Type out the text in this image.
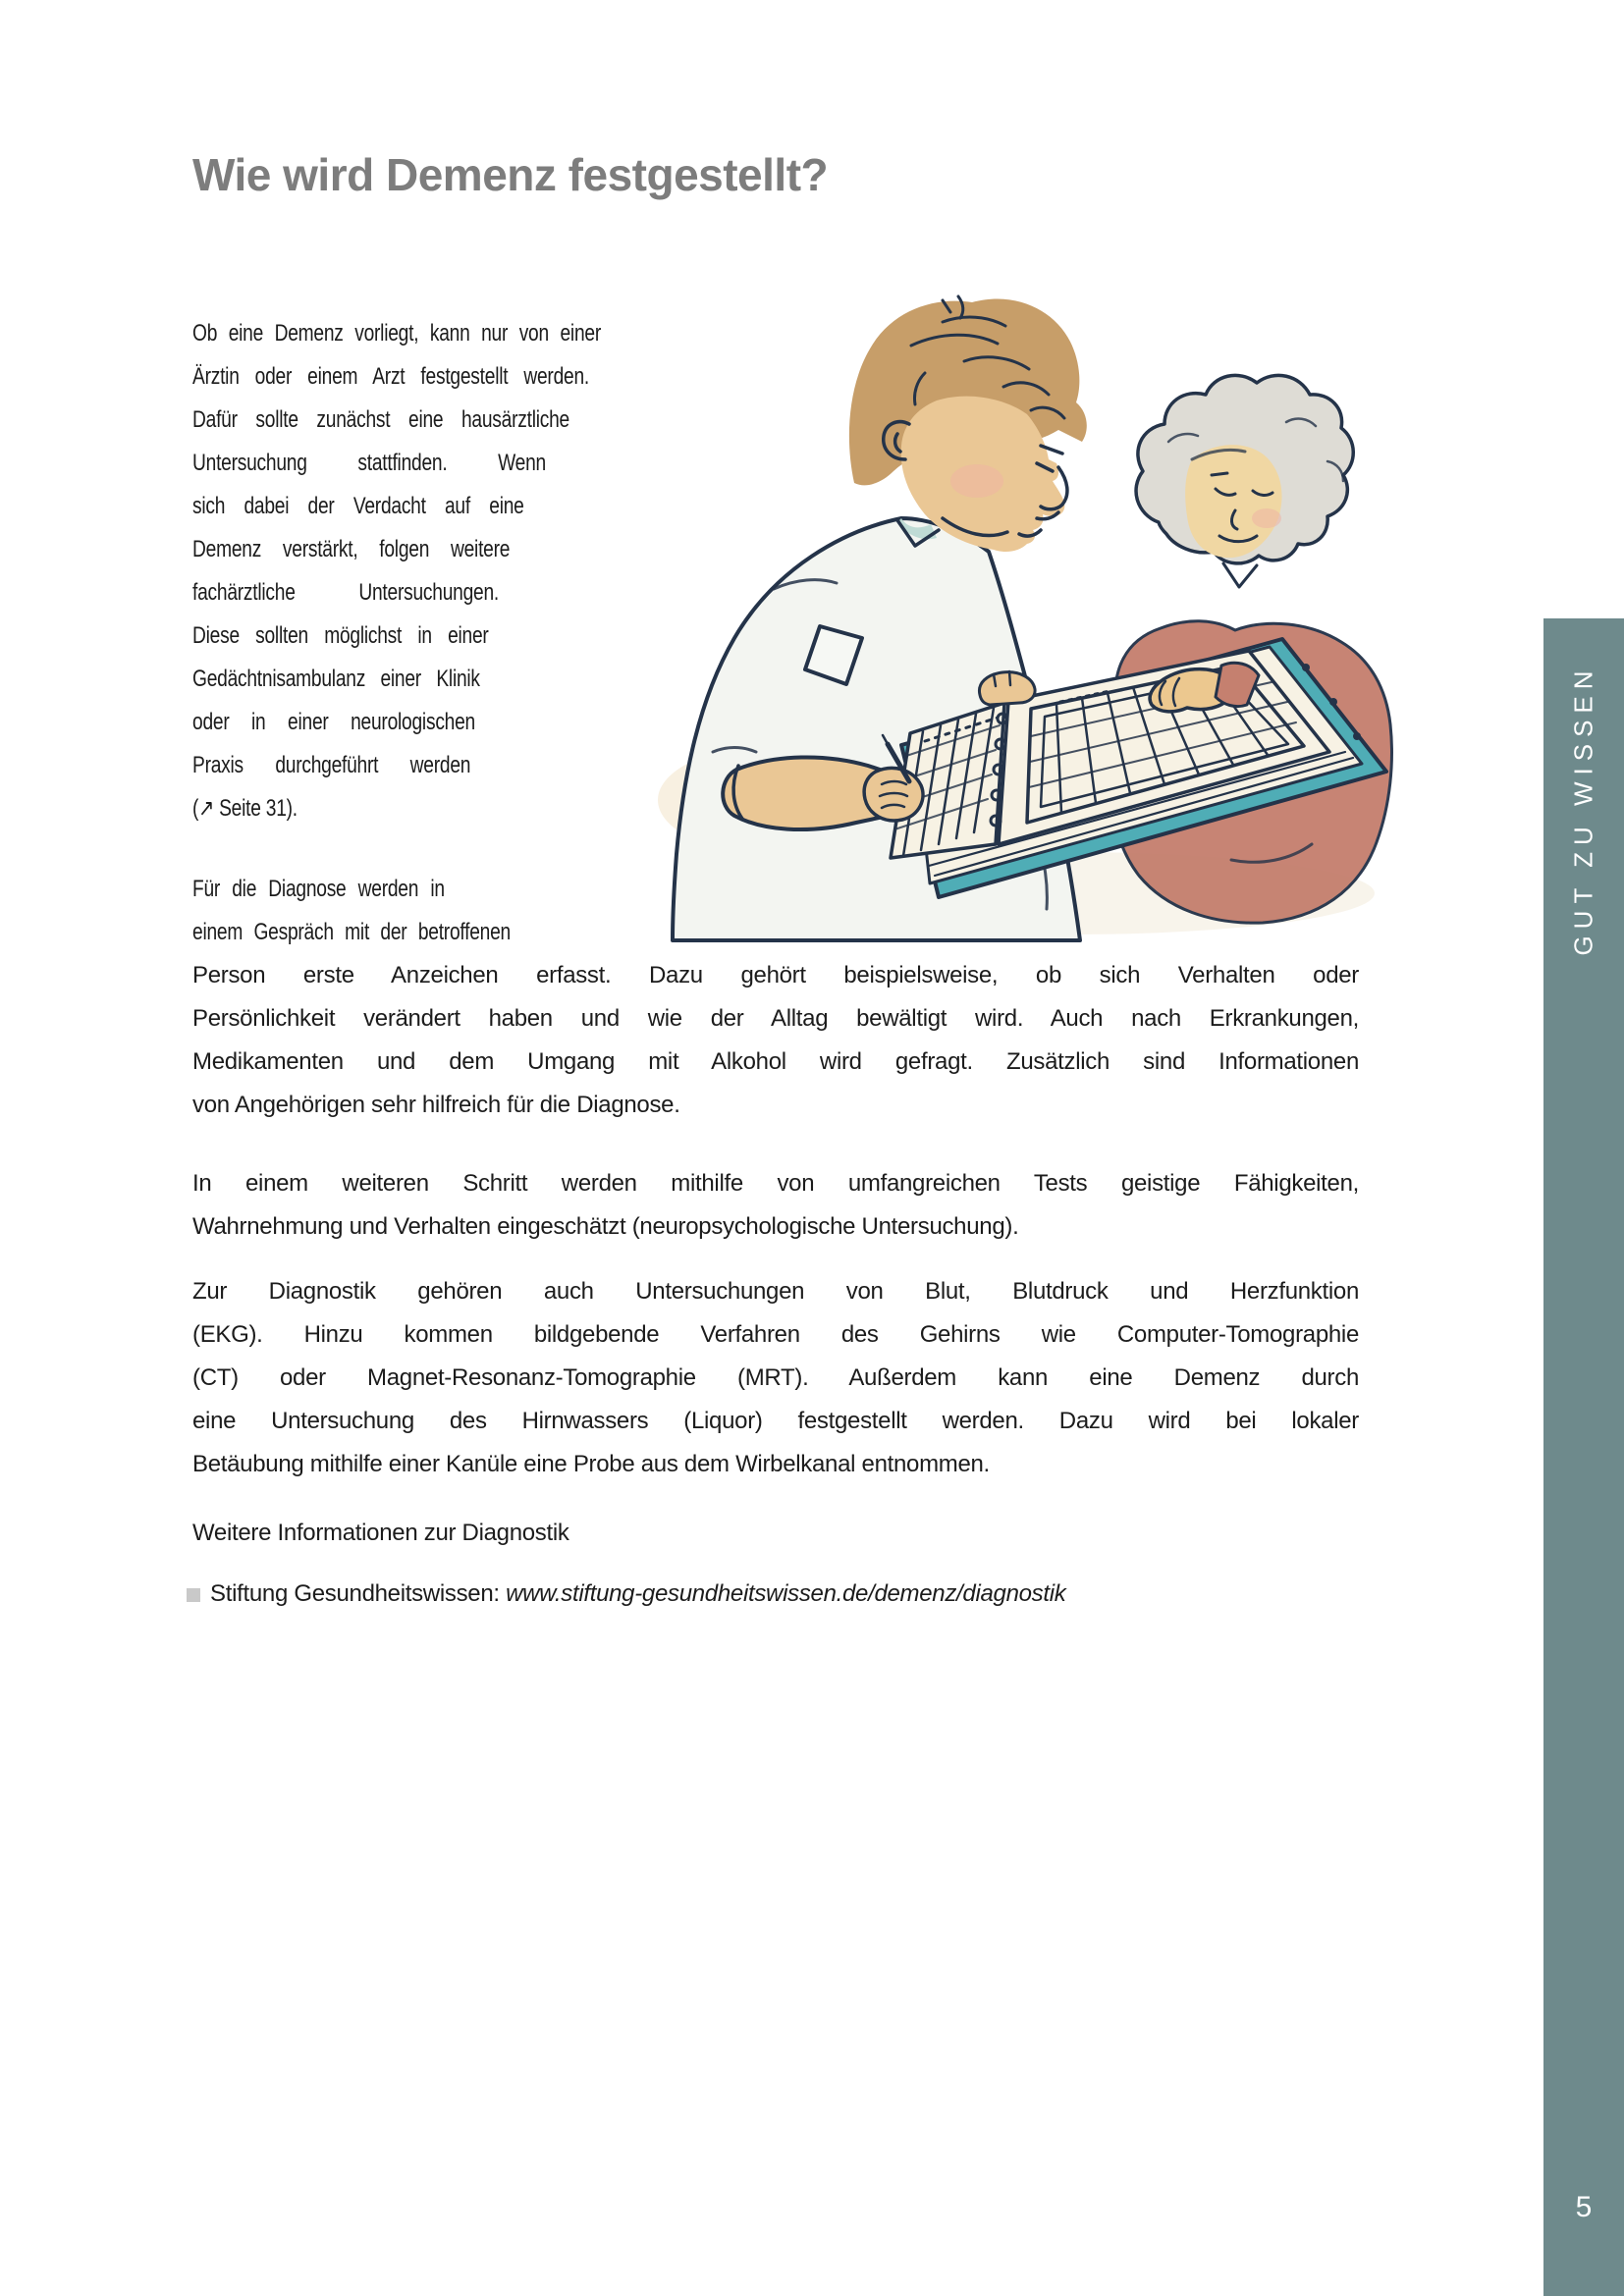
Wie wird Demenz festgestellt?
Ob eine Demenz vorliegt, kann nur von einer
Ärztin oder einem Arzt festgestellt werden.
Dafür sollte zunächst eine hausärztliche
Untersuchung stattfinden. Wenn
sich dabei der Verdacht auf eine
Demenz verstärkt, folgen weitere
fachärztliche Untersuchungen.
Diese sollten möglichst in einer
Gedächtnisambulanz einer Klinik
oder in einer neurologischen
Praxis durchgeführt werden
(↗ Seite 31).
Für die Diagnose werden in
einem Gespräch mit der betroffenen
Person erste Anzeichen erfasst. Dazu gehört beispielsweise, ob sich Verhalten oder
Persönlichkeit verändert haben und wie der Alltag bewältigt wird. Auch nach Erkrankungen,
Medikamenten und dem Umgang mit Alkohol wird gefragt. Zusätzlich sind Informationen
von Angehörigen sehr hilfreich für die Diagnose.
In einem weiteren Schritt werden mithilfe von umfangreichen Tests geistige Fähigkeiten,
Wahrnehmung und Verhalten eingeschätzt (neuropsychologische Untersuchung).
Zur Diagnostik gehören auch Untersuchungen von Blut, Blutdruck und Herzfunktion
(EKG). Hinzu kommen bildgebende Verfahren des Gehirns wie Computer-Tomographie
(CT) oder Magnet-Resonanz-Tomographie (MRT). Außerdem kann eine Demenz durch
eine Untersuchung des Hirnwassers (Liquor) festgestellt werden. Dazu wird bei lokaler
Betäubung mithilfe einer Kanüle eine Probe aus dem Wirbelkanal entnommen.
Weitere Informationen zur Diagnostik
Stiftung Gesundheitswissen: www.stiftung-gesundheitswissen.de/demenz/diagnostik
GUT ZU WISSEN
5
